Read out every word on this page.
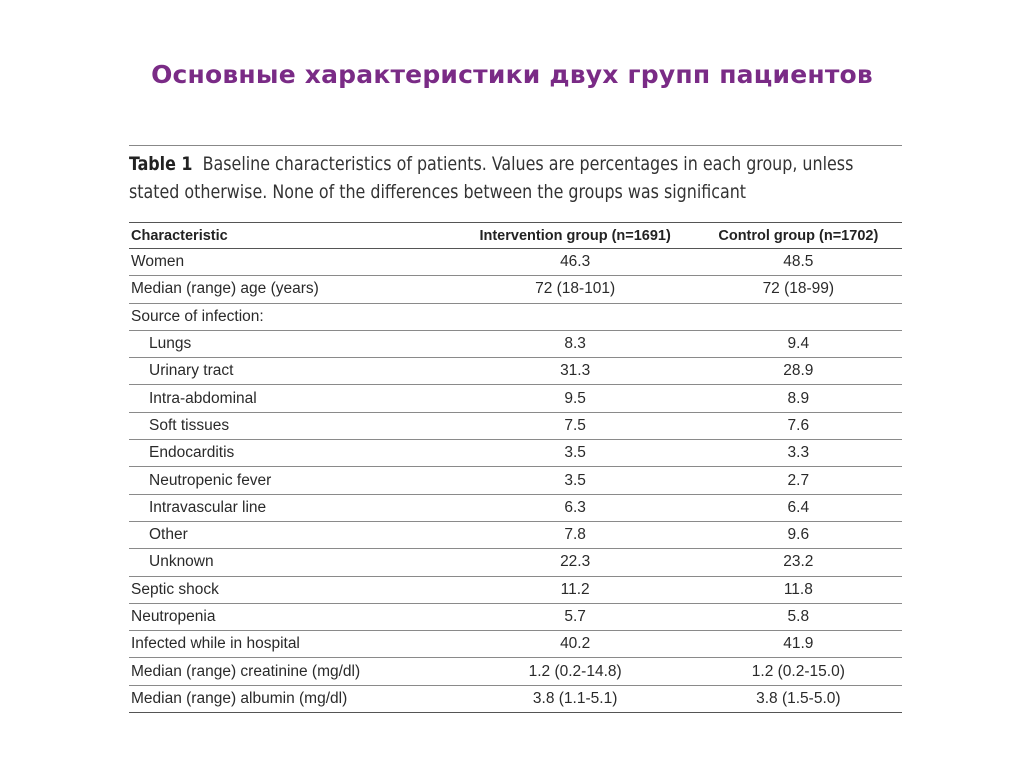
Основные характеристики двух групп пациентов
Table 1 Baseline characteristics of patients. Values are percentages in each group, unless stated otherwise. None of the differences between the groups was significant
Characteristic	Intervention group (n=1691)	Control group (n=1702)
Women	46.3	48.5
Median (range) age (years)	72 (18-101)	72 (18-99)
Source of infection:		
Lungs	8.3	9.4
Urinary tract	31.3	28.9
Intra-abdominal	9.5	8.9
Soft tissues	7.5	7.6
Endocarditis	3.5	3.3
Neutropenic fever	3.5	2.7
Intravascular line	6.3	6.4
Other	7.8	9.6
Unknown	22.3	23.2
Septic shock	11.2	11.8
Neutropenia	5.7	5.8
Infected while in hospital	40.2	41.9
Median (range) creatinine (mg/dl)	1.2 (0.2-14.8)	1.2 (0.2-15.0)
Median (range) albumin (mg/dl)	3.8 (1.1-5.1)	3.8 (1.5-5.0)
